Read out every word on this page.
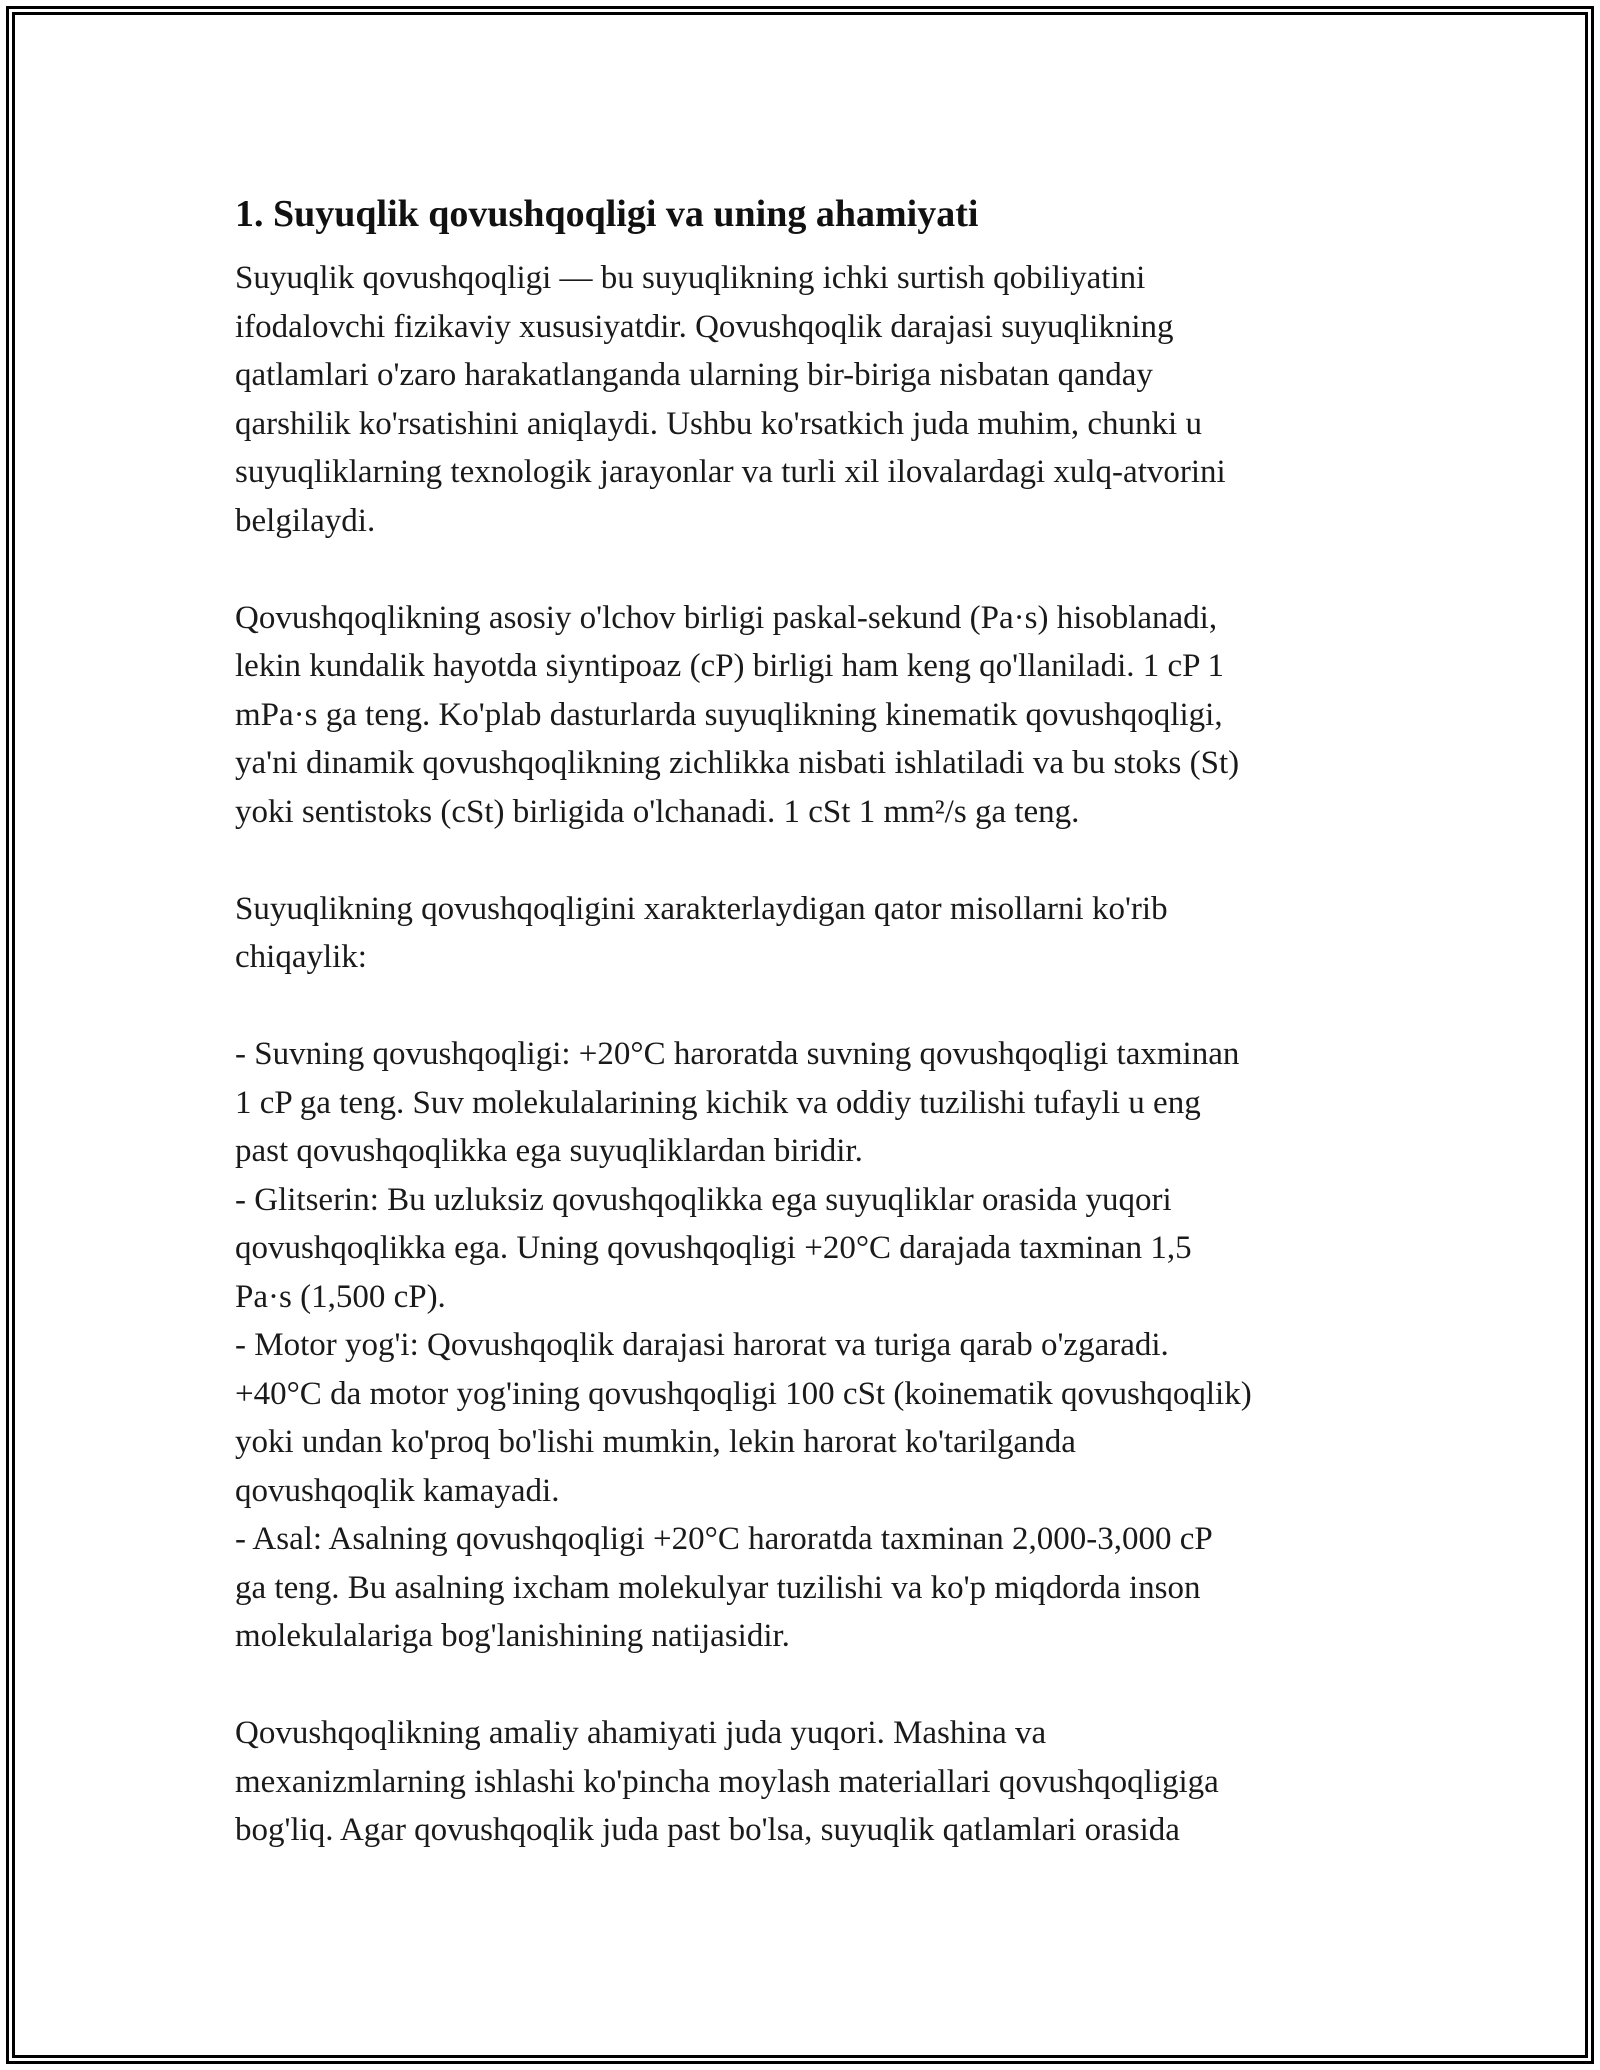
1. Suyuqlik qovushqoqligi va uning ahamiyati

Suyuqlik qovushqoqligi — bu suyuqlikning ichki surtish qobiliyatini
ifodalovchi fizikaviy xususiyatdir. Qovushqoqlik darajasi suyuqlikning
qatlamlari o'zaro harakatlanganda ularning bir-biriga nisbatan qanday
qarshilik ko'rsatishini aniqlaydi. Ushbu ko'rsatkich juda muhim, chunki u
suyuqliklarning texnologik jarayonlar va turli xil ilovalardagi xulq-atvorini
belgilaydi.

Qovushqoqlikning asosiy o'lchov birligi paskal-sekund (Pa·s) hisoblanadi,
lekin kundalik hayotda siyntipoaz (cP) birligi ham keng qo'llaniladi. 1 cP 1
mPa·s ga teng. Ko'plab dasturlarda suyuqlikning kinematik qovushqoqligi,
ya'ni dinamik qovushqoqlikning zichlikka nisbati ishlatiladi va bu stoks (St)
yoki sentistoks (cSt) birligida o'lchanadi. 1 cSt 1 mm²/s ga teng.

Suyuqlikning qovushqoqligini xarakterlaydigan qator misollarni ko'rib
chiqaylik:

- Suvning qovushqoqligi: +20°C haroratda suvning qovushqoqligi taxminan
1 cP ga teng. Suv molekulalarining kichik va oddiy tuzilishi tufayli u eng
past qovushqoqlikka ega suyuqliklardan biridir.
- Glitserin: Bu uzluksiz qovushqoqlikka ega suyuqliklar orasida yuqori
qovushqoqlikka ega. Uning qovushqoqligi +20°C darajada taxminan 1,5
Pa·s (1,500 cP).
- Motor yog'i: Qovushqoqlik darajasi harorat va turiga qarab o'zgaradi.
+40°C da motor yog'ining qovushqoqligi 100 cSt (koinematik qovushqoqlik)
yoki undan ko'proq bo'lishi mumkin, lekin harorat ko'tarilganda
qovushqoqlik kamayadi.
- Asal: Asalning qovushqoqligi +20°C haroratda taxminan 2,000-3,000 cP
ga teng. Bu asalning ixcham molekulyar tuzilishi va ko'p miqdorda inson
molekulalariga bog'lanishining natijasidir.

Qovushqoqlikning amaliy ahamiyati juda yuqori. Mashina va
mexanizmlarning ishlashi ko'pincha moylash materiallari qovushqoqligiga
bog'liq. Agar qovushqoqlik juda past bo'lsa, suyuqlik qatlamlari orasida
